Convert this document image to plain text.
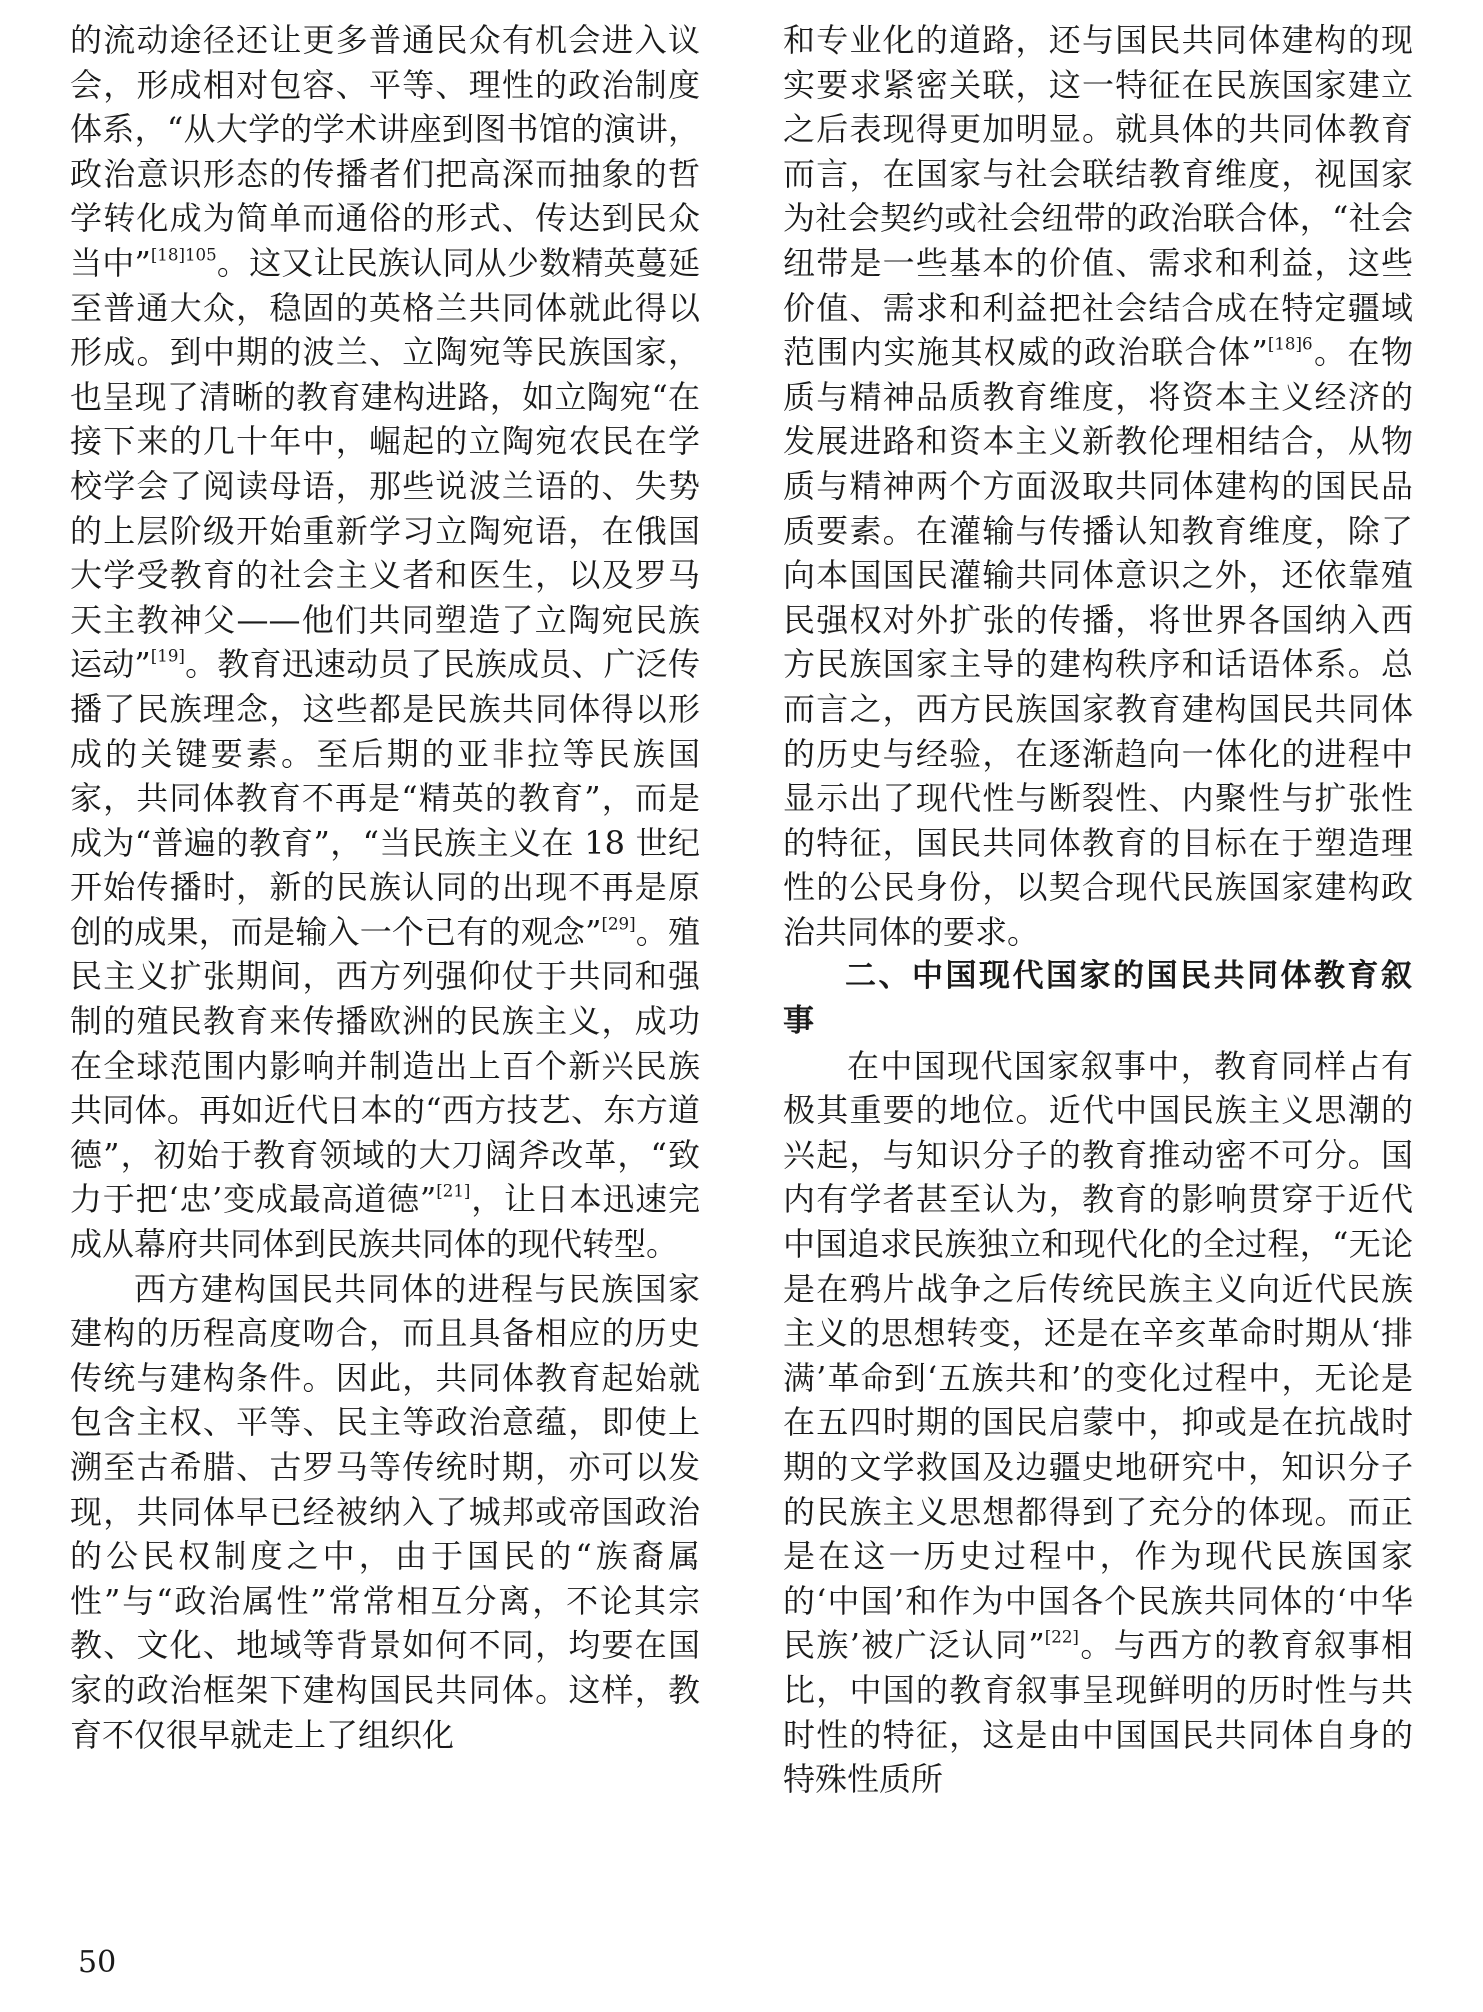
的流动途径还让更多普通民众有机会进入议会，形成相对包容、平等、理性的政治制度体系，“从大学的学术讲座到图书馆的演讲，政治意识形态的传播者们把高深而抽象的哲学转化成为简单而通俗的形式、传达到民众当中”$^{[18]105}$。这又让民族认同从少数精英蔓延至普通大众，稳固的英格兰共同体就此得以形成。到中期的波兰、立陶宛等民族国家，也呈现了清晰的教育建构进路，如立陶宛“在接下来的几十年中，崛起的立陶宛农民在学校学会了阅读母语，那些说波兰语的、失势的上层阶级开始重新学习立陶宛语，在俄国大学受教育的社会主义者和医生，以及罗马天主教神父——他们共同塑造了立陶宛民族运动”[19]。教育迅速动员了民族成员、广泛传播了民族理念，这些都是民族共同体得以形成的关键要素。至后期的亚非拉等民族国家，共同体教育不再是“精英的教育”，而是成为“普遍的教育”，“当民族主义在 18 世纪开始传播时，新的民族认同的出现不再是原创的成果，而是输入一个已有的观念”[29]。殖民主义扩张期间，西方列强仰仗于共同和强制的殖民教育来传播欧洲的民族主义，成功在全球范围内影响并制造出上百个新兴民族共同体。再如近代日本的“西方技艺、东方道德”，初始于教育领域的大刀阔斧改革，“致力于把‘忠’变成最高道德”[21]，让日本迅速完成从幕府共同体到民族共同体的现代转型。

西方建构国民共同体的进程与民族国家建构的历程高度吻合，而且具备相应的历史传统与建构条件。因此，共同体教育起始就包含主权、平等、民主等政治意蕴，即使上溯至古希腊、古罗马等传统时期，亦可以发现，共同体早已经被纳入了城邦或帝国政治的公民权制度之中，由于国民的“族裔属性”与“政治属性”常常相互分离，不论其宗教、文化、地域等背景如何不同，均要在国家的政治框架下建构国民共同体。这样，教育不仅很早就走上了组织化

和专业化的道路，还与国民共同体建构的现实要求紧密关联，这一特征在民族国家建立之后表现得更加明显。就具体的共同体教育而言，在国家与社会联结教育维度，视国家为社会契约或社会纽带的政治联合体，“社会纽带是一些基本的价值、需求和利益，这些价值、需求和利益把社会结合成在特定疆域范围内实施其权威的政治联合体”$^{[18]6}$。在物质与精神品质教育维度，将资本主义经济的发展进路和资本主义新教伦理相结合，从物质与精神两个方面汲取共同体建构的国民品质要素。在灌输与传播认知教育维度，除了向本国国民灌输共同体意识之外，还依靠殖民强权对外扩张的传播，将世界各国纳入西方民族国家主导的建构秩序和话语体系。总而言之，西方民族国家教育建构国民共同体的历史与经验，在逐渐趋向一体化的进程中显示出了现代性与断裂性、内聚性与扩张性的特征，国民共同体教育的目标在于塑造理性的公民身份，以契合现代民族国家建构政治共同体的要求。

二、中国现代国家的国民共同体教育叙事

在中国现代国家叙事中，教育同样占有极其重要的地位。近代中国民族主义思潮的兴起，与知识分子的教育推动密不可分。国内有学者甚至认为，教育的影响贯穿于近代中国追求民族独立和现代化的全过程，“无论是在鸦片战争之后传统民族主义向近代民族主义的思想转变，还是在辛亥革命时期从‘排满’革命到‘五族共和’的变化过程中，无论是在五四时期的国民启蒙中，抑或是在抗战时期的文学救国及边疆史地研究中，知识分子的民族主义思想都得到了充分的体现。而正是在这一历史过程中，作为现代民族国家的‘中国’和作为中国各个民族共同体的‘中华民族’被广泛认同”[22]。与西方的教育叙事相比，中国的教育叙事呈现鲜明的历时性与共时性的特征，这是由中国国民共同体自身的特殊性质所

50
